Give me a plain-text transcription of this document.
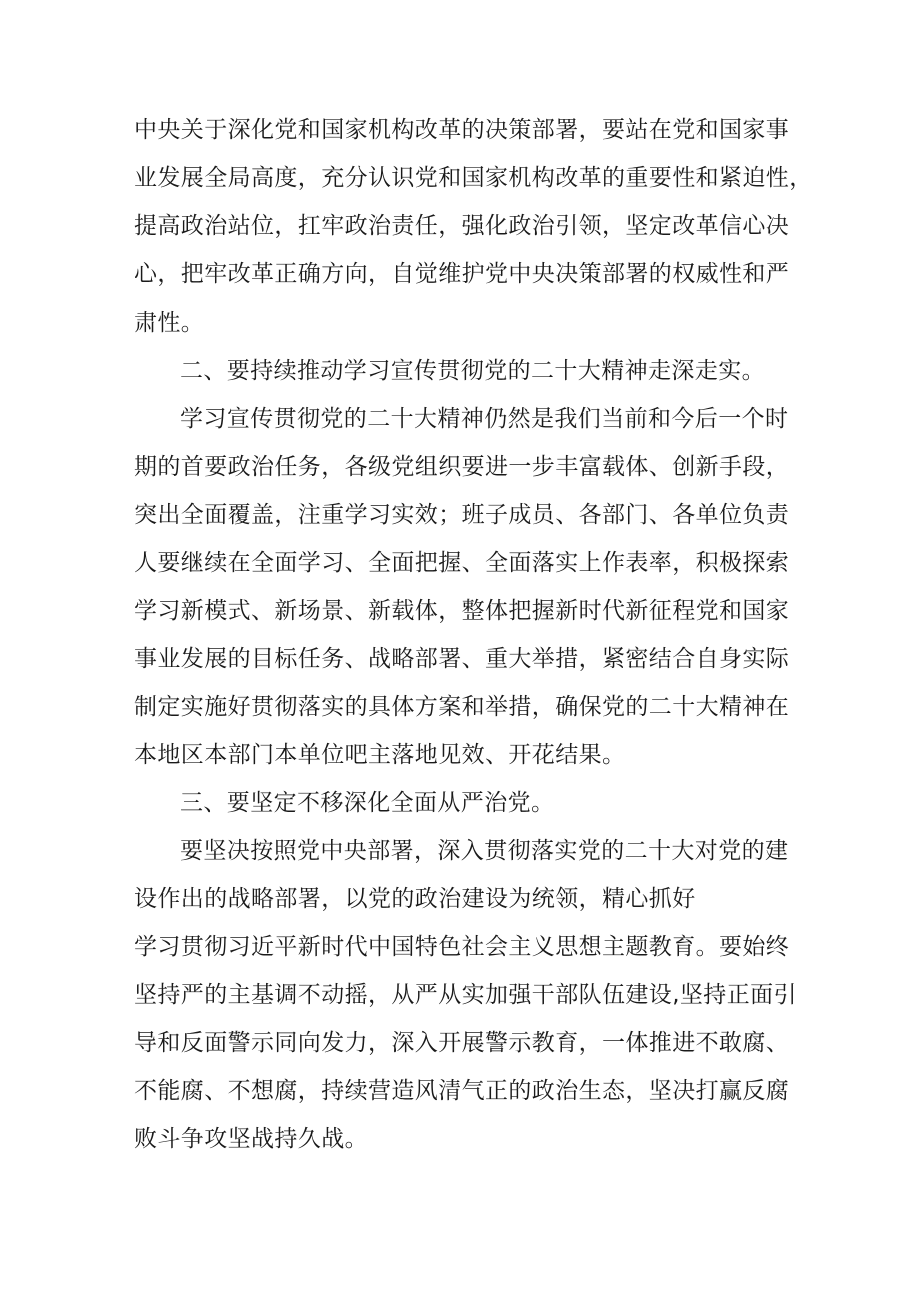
中央关于深化党和国家机构改革的决策部署，要站在党和国家事
业发展全局高度，充分认识党和国家机构改革的重要性和紧迫性，
提高政治站位，扛牢政治责任，强化政治引领，坚定改革信心决
心，把牢改革正确方向，自觉维护党中央决策部署的权威性和严
肃性。
二、要持续推动学习宣传贯彻党的二十大精神走深走实。
学习宣传贯彻党的二十大精神仍然是我们当前和今后一个时
期的首要政治任务，各级党组织要进一步丰富载体、创新手段，
突出全面覆盖，注重学习实效；班子成员、各部门、各单位负责
人要继续在全面学习、全面把握、全面落实上作表率，积极探索
学习新模式、新场景、新载体，整体把握新时代新征程党和国家
事业发展的目标任务、战略部署、重大举措，紧密结合自身实际
制定实施好贯彻落实的具体方案和举措，确保党的二十大精神在
本地区本部门本单位吧主落地见效、开花结果。
三、要坚定不移深化全面从严治党。
要坚决按照党中央部署，深入贯彻落实党的二十大对党的建
设作出的战略部署，以党的政治建设为统领，精心抓好
学习贯彻习近平新时代中国特色社会主义思想主题教育。要始终
坚持严的主基调不动摇，从严从实加强干部队伍建设,坚持正面引
导和反面警示同向发力，深入开展警示教育，一体推进不敢腐、
不能腐、不想腐，持续营造风清气正的政治生态，坚决打赢反腐
败斗争攻坚战持久战。
